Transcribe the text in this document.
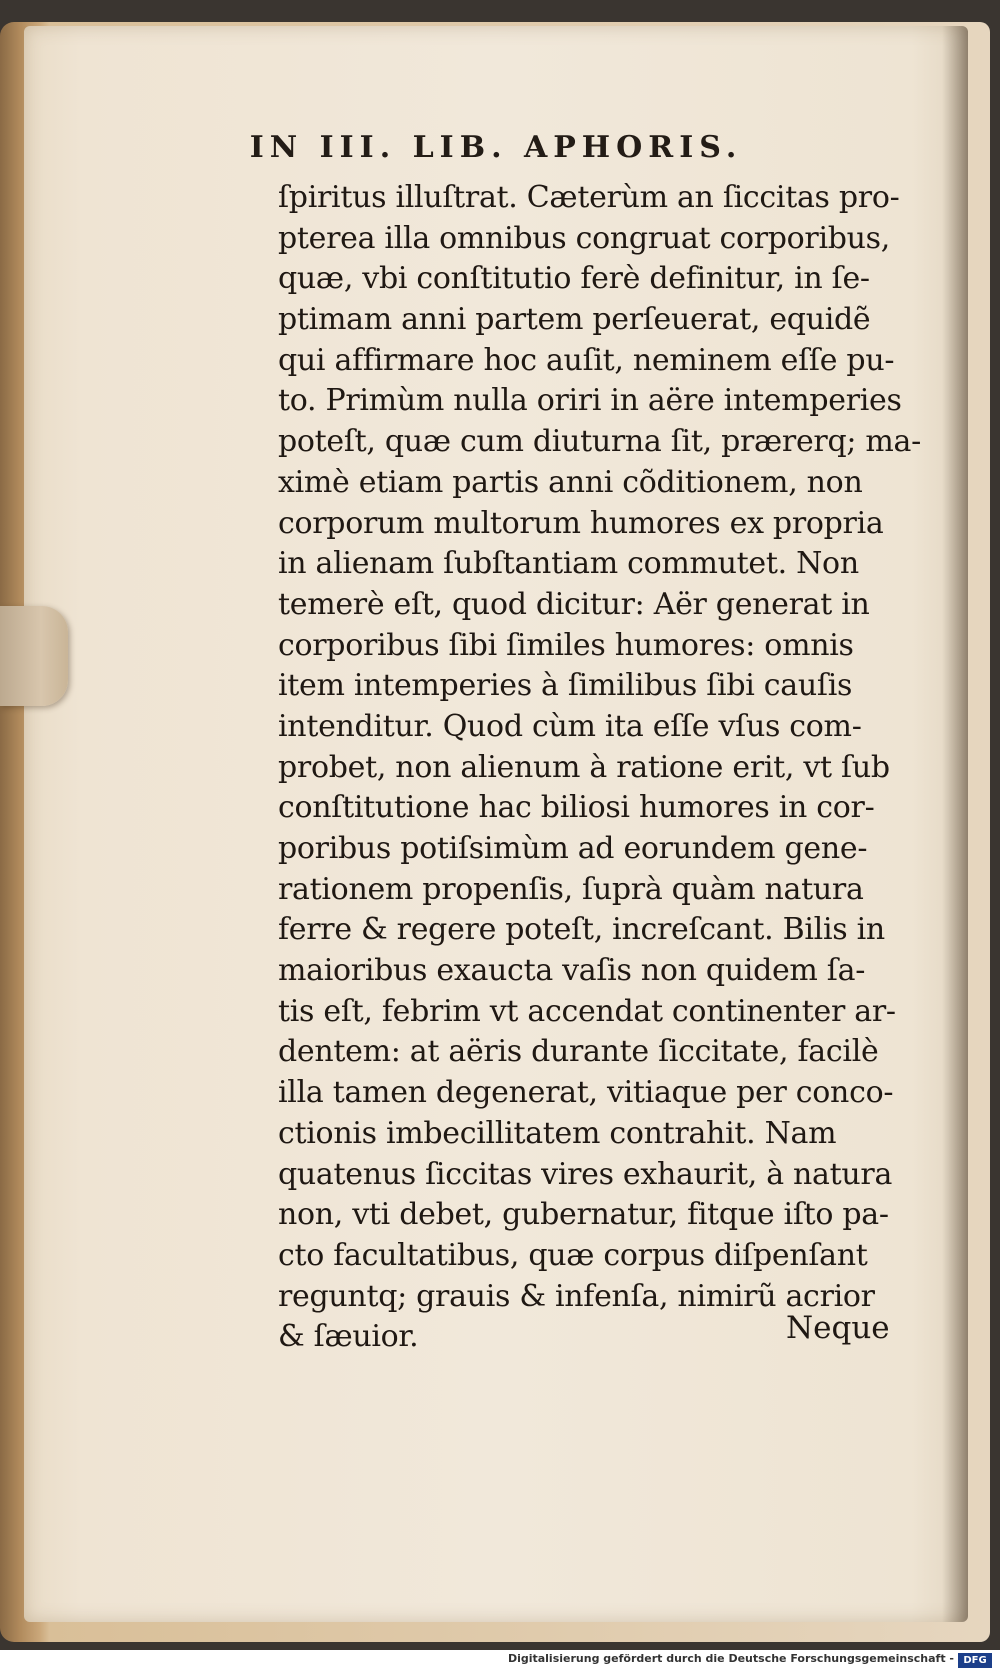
IN III. LIB. APHORIS.
ſpiritus illuſtrat. Cæterùm an ſiccitas pro-
pterea illa omnibus congruat corporibus,
quæ, vbi conſtitutio ferè definitur, in ſe-
ptimam anni partem perſeuerat, equidẽ
qui affirmare hoc auſit, neminem eſſe pu-
to. Primùm nulla oriri in aëre intemperies
poteſt, quæ cum diuturna ſit, prærerq; ma-
ximè etiam partis anni cõditionem, non
corporum multorum humores ex propria
in alienam ſubſtantiam commutet. Non
temerè eſt, quod dicitur: Aër generat in
corporibus ſibi ſimiles humores: omnis
item intemperies à ſimilibus ſibi cauſis
intenditur. Quod cùm ita eſſe vſus com-
probet, non alienum à ratione erit, vt ſub
conſtitutione hac biliosi humores in cor-
poribus potiſsimùm ad eorundem gene-
rationem propenſis, ſuprà quàm natura
ferre & regere poteſt, increſcant. Bilis in
maioribus exaucta vaſis non quidem ſa-
tis eſt, febrim vt accendat continenter ar-
dentem: at aëris durante ſiccitate, facilè
illa tamen degenerat, vitiaque per conco-
ctionis imbecillitatem contrahit. Nam
quatenus ſiccitas vires exhaurit, à natura
non, vti debet, gubernatur, fitque iſto pa-
cto facultatibus, quæ corpus diſpenſant
reguntq; grauis & infenſa, nimirũ acrior
& ſæuior.	Neque
Digitalisierung gefördert durch die Deutsche Forschungsgemeinschaft - DFG
